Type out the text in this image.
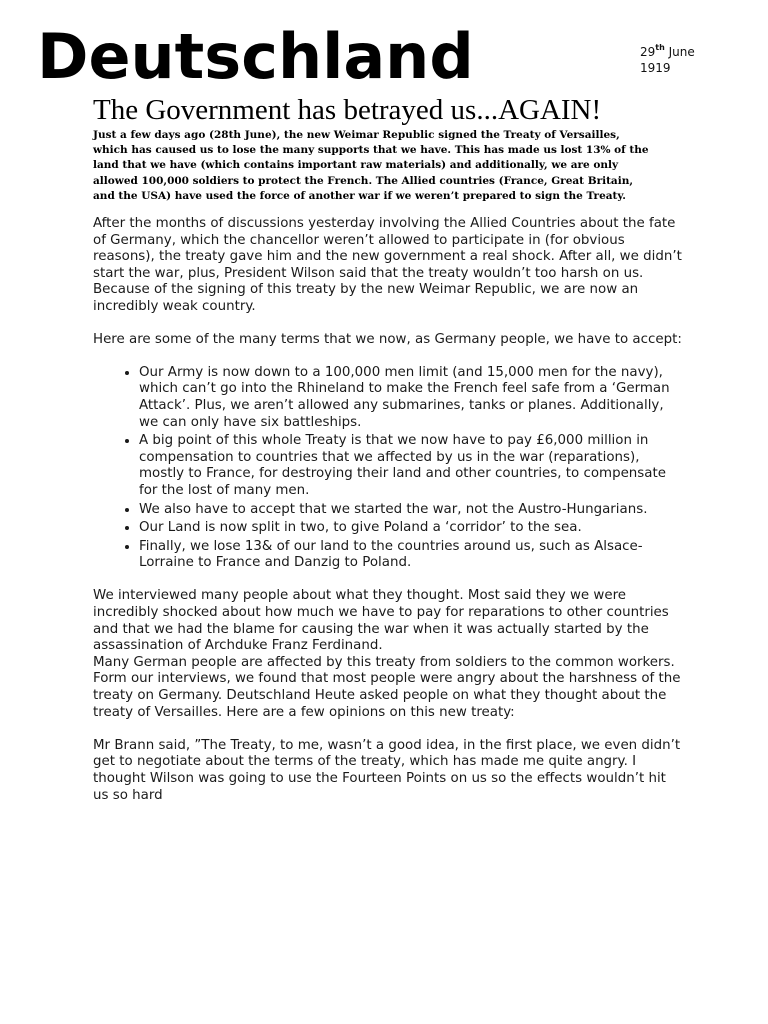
Deutschland	29th June
1919
The Government has betrayed us...AGAIN!

Just a few days ago (28th June), the new Weimar Republic signed the Treaty of Versailles, which has caused us to lose the many supports that we have. This has made us lost 13% of the land that we have (which contains important raw materials) and additionally, we are only allowed 100,000 soldiers to protect the French. The Allied countries (France, Great Britain, and the USA) have used the force of another war if we weren’t prepared to sign the Treaty.

After the months of discussions yesterday involving the Allied Countries about the fate of Germany, which the chancellor weren’t allowed to participate in (for obvious reasons), the treaty gave him and the new government a real shock. After all, we didn’t start the war, plus, President Wilson said that the treaty wouldn’t too harsh on us. Because of the signing of this treaty by the new Weimar Republic, we are now an incredibly weak country.

Here are some of the many terms that we now, as Germany people, we have to accept:

• Our Army is now down to a 100,000 men limit (and 15,000 men for the navy), which can’t go into the Rhineland to make the French feel safe from a ‘German Attack’. Plus, we aren’t allowed any submarines, tanks or planes. Additionally, we can only have six battleships.
• A big point of this whole Treaty is that we now have to pay £6,000 million in compensation to countries that we affected by us in the war (reparations), mostly to France, for destroying their land and other countries, to compensate for the lost of many men.
• We also have to accept that we started the war, not the Austro-Hungarians.
• Our Land is now split in two, to give Poland a ‘corridor’ to the sea.
• Finally, we lose 13& of our land to the countries around us, such as Alsace-Lorraine to France and Danzig to Poland.

We interviewed many people about what they thought. Most said they we were incredibly shocked about how much we have to pay for reparations to other countries and that we had the blame for causing the war when it was actually started by the assassination of Archduke Franz Ferdinand.

Many German people are affected by this treaty from soldiers to the common workers. Form our interviews, we found that most people were angry about the harshness of the treaty on Germany. Deutschland Heute asked people on what they thought about the treaty of Versailles. Here are a few opinions on this new treaty:

Mr Brann said, ”The Treaty, to me, wasn’t a good idea, in the first place, we even didn’t get to negotiate about the terms of the treaty, which has made me quite angry. I thought Wilson was going to use the Fourteen Points on us so the effects wouldn’t hit us so hard
